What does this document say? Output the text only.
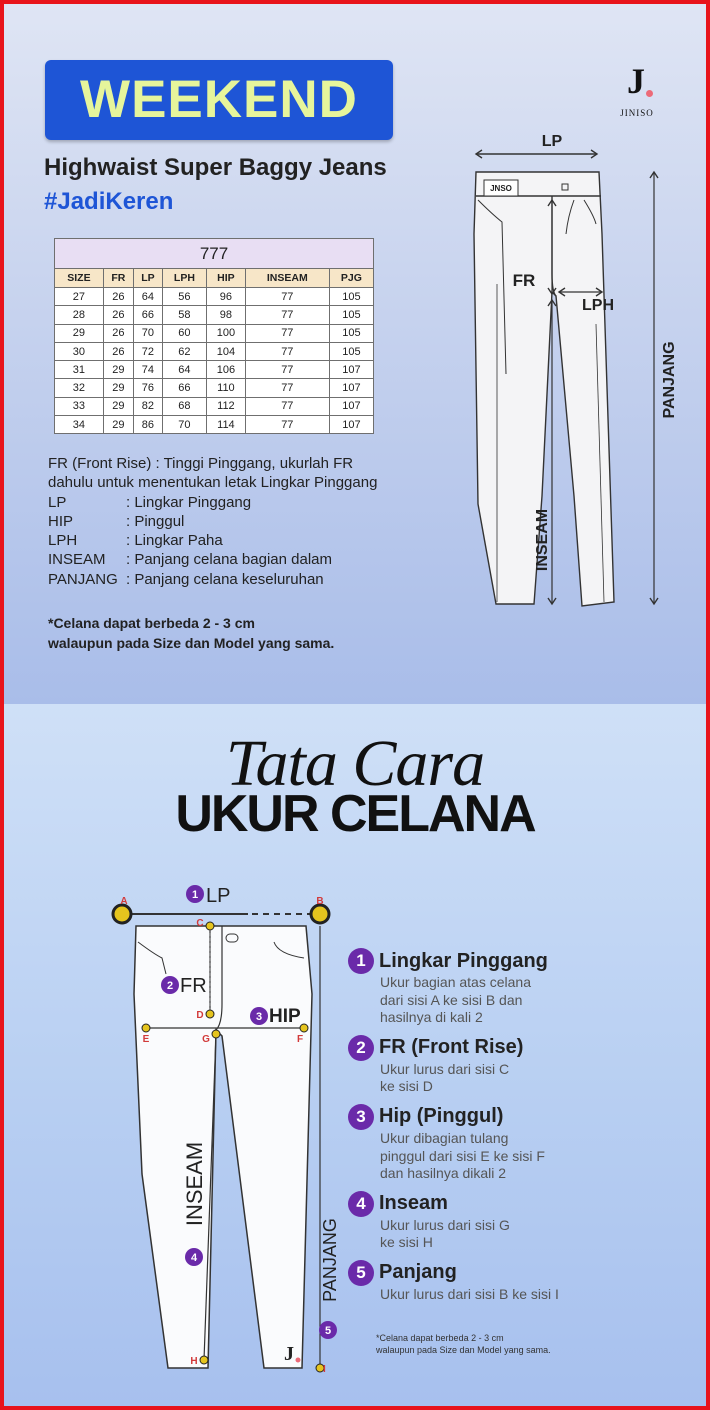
WEEKEND
Highwaist Super Baggy Jeans
#JadiKeren
J
JINISO
777						
SIZE	FR	LP	LPH	HIP	INSEAM	PJG
27	26	64	56	96	77	105
28	26	66	58	98	77	105
29	26	70	60	100	77	105
30	26	72	62	104	77	105
31	29	74	64	106	77	107
32	29	76	66	110	77	107
33	29	82	68	112	77	107
34	29	86	70	114	77	107
FR (Front Rise) : Tinggi Pinggang, ukurlah FR
dahulu untuk menentukan letak Lingkar Pinggang
LP	: Lingkar Pinggang
HIP	: Pinggul
LPH	: Lingkar Paha
INSEAM	: Panjang celana bagian dalam
PANJANG : Panjang celana keseluruhan
*Celana dapat berbeda 2 - 3 cm
walaupun pada Size dan Model yang sama.
LP
FR
LPH
JNSO
PANJANG
INSEAM
Tata Cara
UKUR CELANA
A	B
C
D
E	F
G
H
I
1
2
3
4
5
LP
FR
HIP
INSEAM
PANJANG
J
1 Lingkar Pinggang
Ukur bagian atas celana
dari sisi A ke sisi B dan
hasilnya di kali 2
2 FR (Front Rise)
Ukur lurus dari sisi C
ke sisi D
3 Hip (Pinggul)
Ukur dibagian tulang
pinggul dari sisi E ke sisi F
dan hasilnya dikali 2
4 Inseam
Ukur lurus dari sisi G
ke sisi H
5 Panjang
Ukur lurus dari sisi B ke sisi I
*Celana dapat berbeda 2 - 3 cm
walaupun pada Size dan Model yang sama.
